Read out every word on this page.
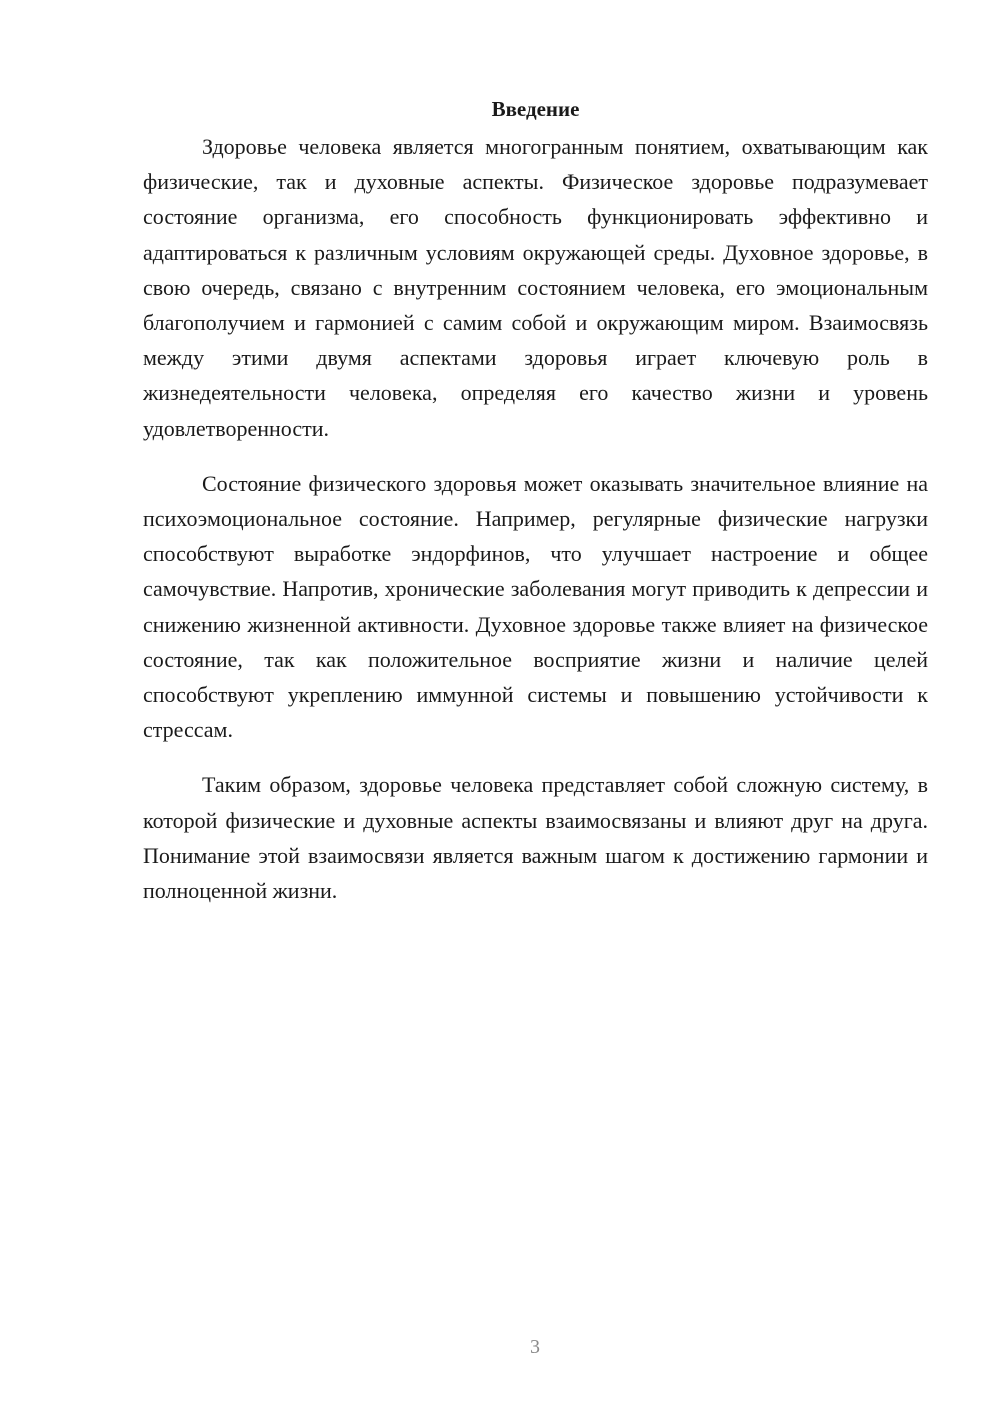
Введение

Здоровье человека является многогранным понятием, охватывающим как физические, так и духовные аспекты. Физическое здоровье подразумевает состояние организма, его способность функционировать эффективно и адаптироваться к различным условиям окружающей среды. Духовное здоровье, в свою очередь, связано с внутренним состоянием человека, его эмоциональным благополучием и гармонией с самим собой и окружающим миром. Взаимосвязь между этими двумя аспектами здоровья играет ключевую роль в жизнедеятельности человека, определяя его качество жизни и уровень удовлетворенности.

Состояние физического здоровья может оказывать значительное влияние на психоэмоциональное состояние. Например, регулярные физические нагрузки способствуют выработке эндорфинов, что улучшает настроение и общее самочувствие. Напротив, хронические заболевания могут приводить к депрессии и снижению жизненной активности. Духовное здоровье также влияет на физическое состояние, так как положительное восприятие жизни и наличие целей способствуют укреплению иммунной системы и повышению устойчивости к стрессам.

Таким образом, здоровье человека представляет собой сложную систему, в которой физические и духовные аспекты взаимосвязаны и влияют друг на друга. Понимание этой взаимосвязи является важным шагом к достижению гармонии и полноценной жизни.

3
